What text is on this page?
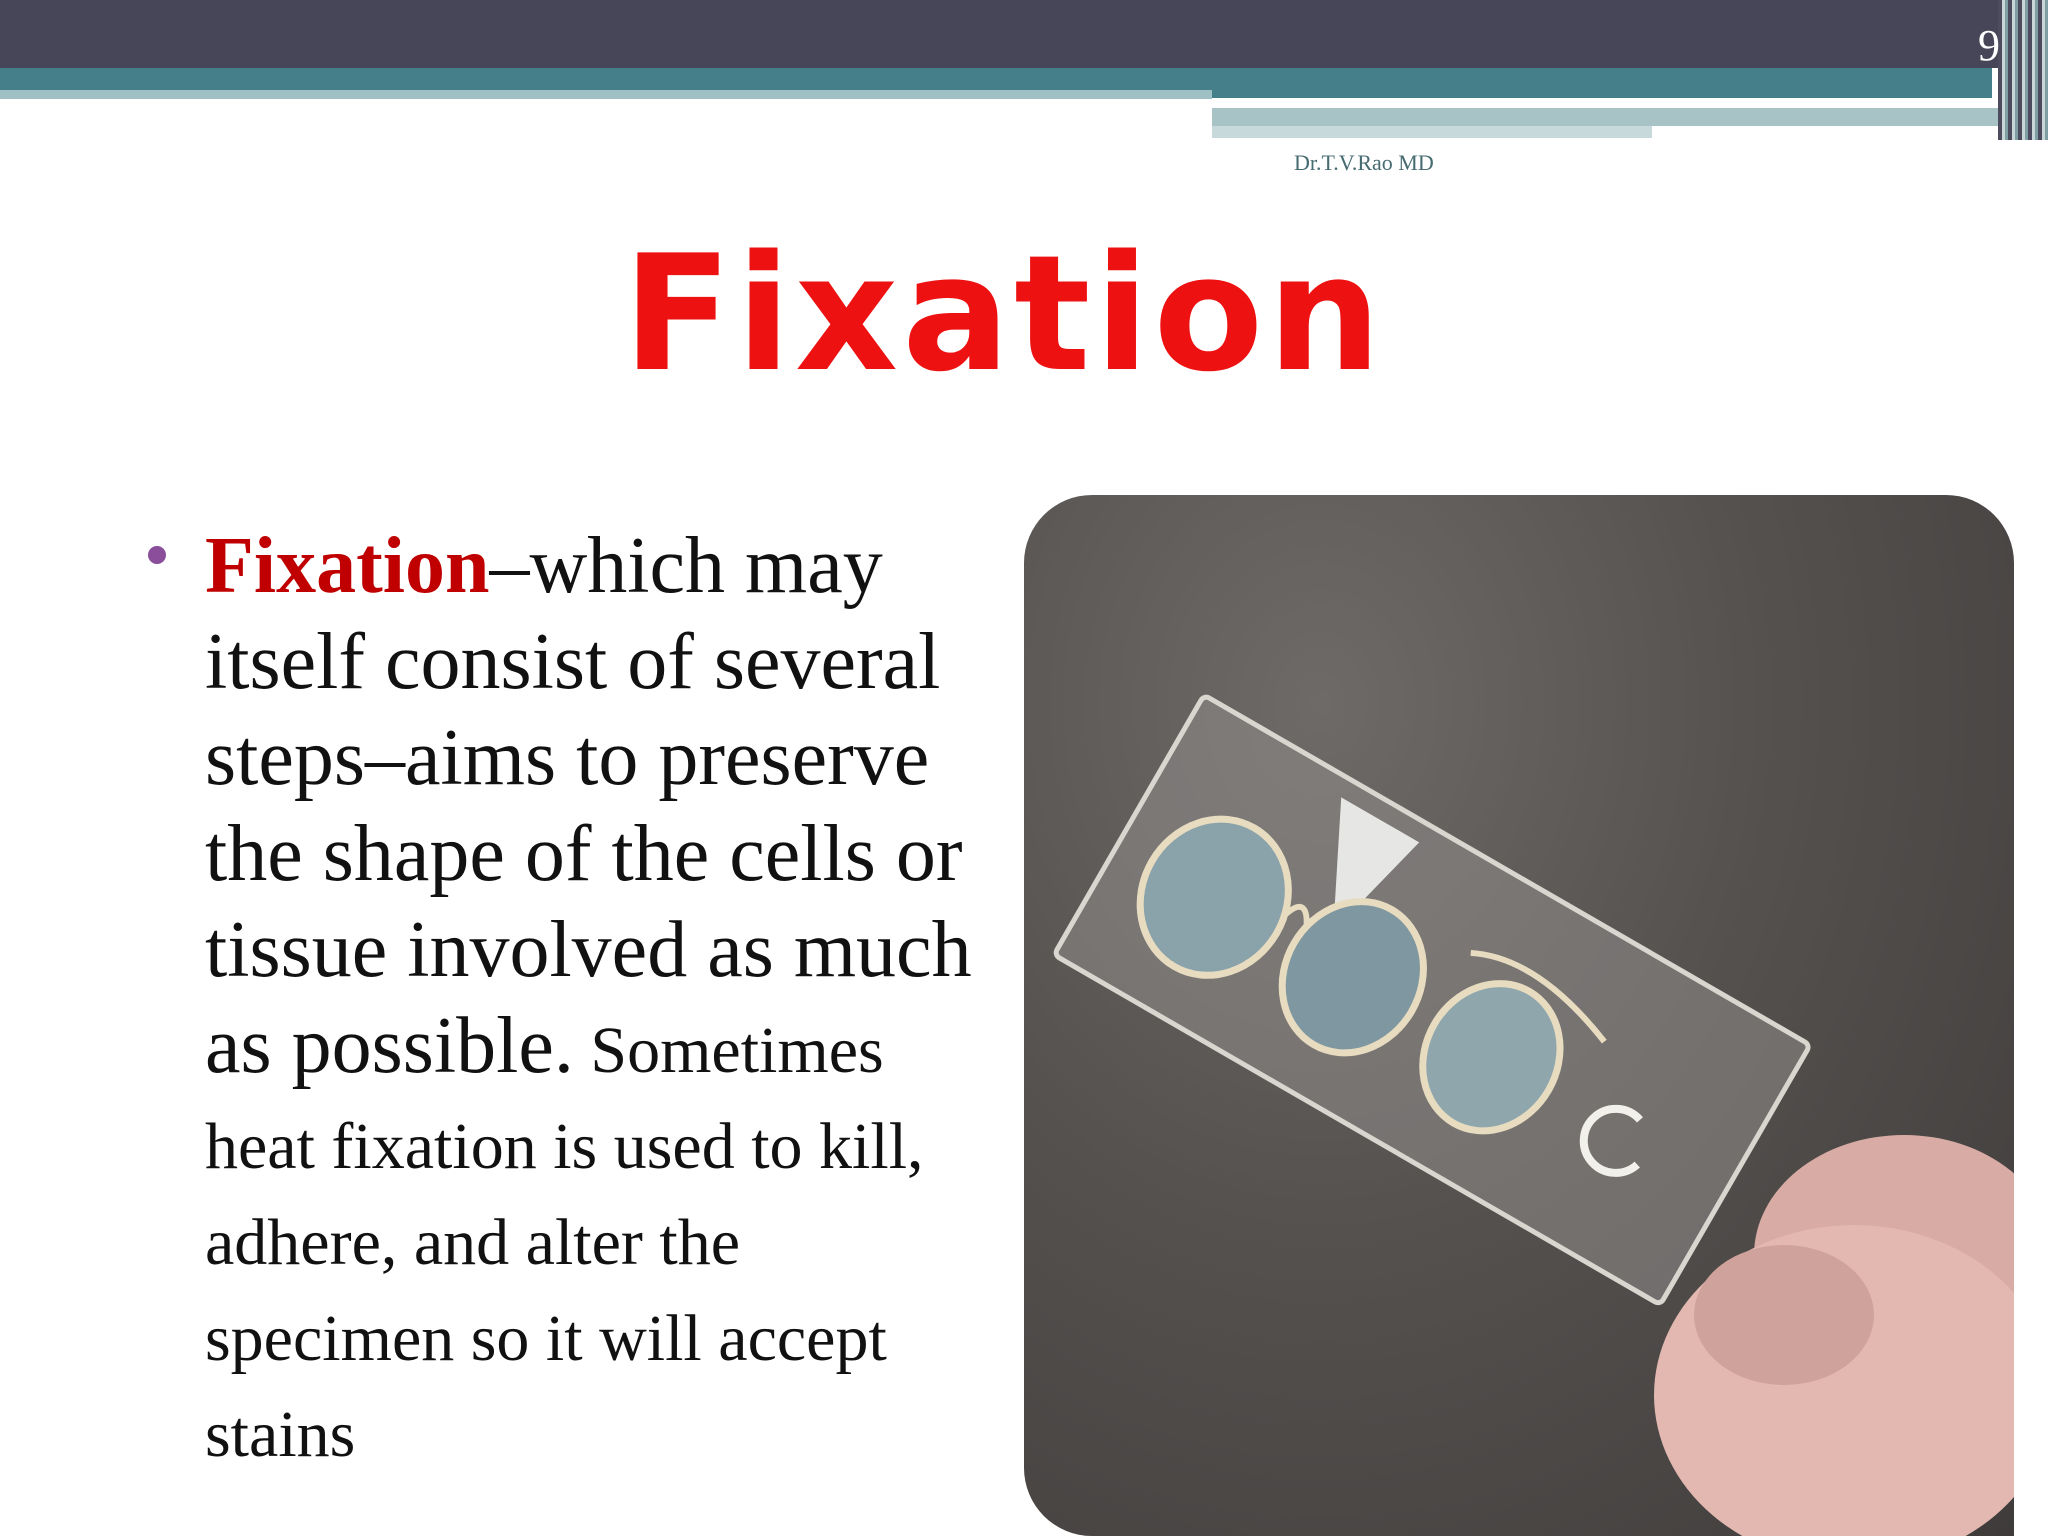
9
Dr.T.V.Rao MD
Fixation
Fixation–which may itself consist of several steps–aims to preserve the shape of the cells or tissue involved as much as possible. Sometimes heat fixation is used to kill, adhere, and alter the specimen so it will accept stains
